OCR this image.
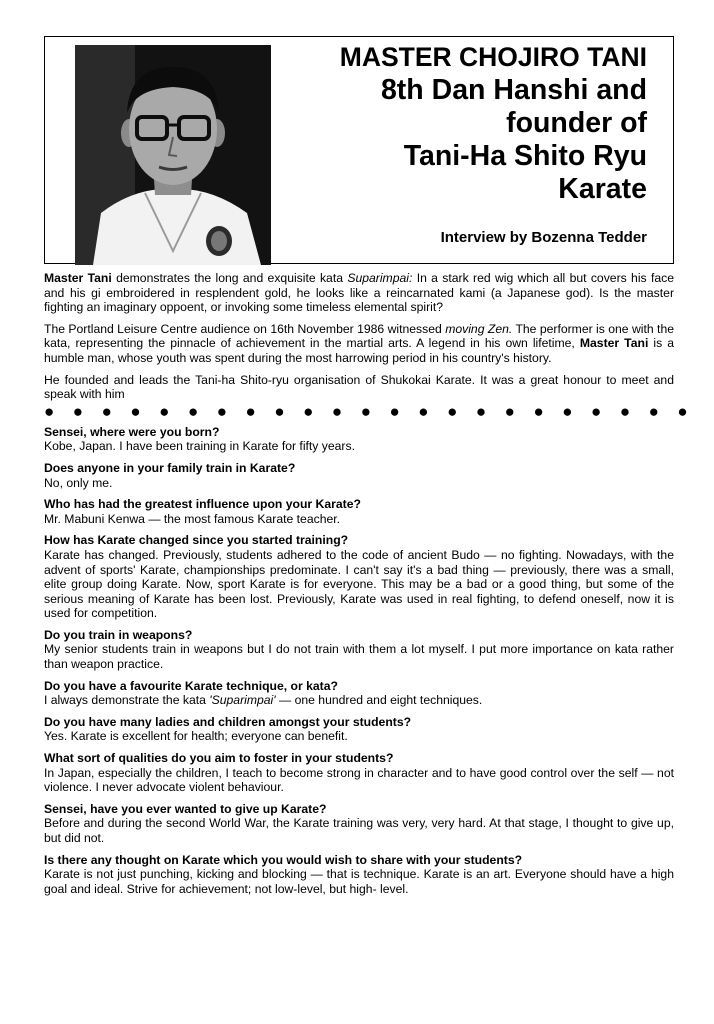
MASTER CHOJIRO TANI
8th Dan Hanshi and
founder of
Tani-Ha Shito Ryu
Karate
Interview by Bozenna Tedder

Master Tani demonstrates the long and exquisite kata Suparimpai: In a stark red wig which all but covers his face and his gi embroidered in resplendent gold, he looks like a reincarnated kami (a Japanese god). Is the master fighting an imaginary oppoent, or invoking some timeless elemental spirit?

The Portland Leisure Centre audience on 16th November 1986 witnessed moving Zen. The performer is one with the kata, representing the pinnacle of achievement in the martial arts. A legend in his own lifetime, Master Tani is a humble man, whose youth was spent during the most harrowing period in his country's history.

He founded and leads the Tani-ha Shito-ryu organisation of Shukokai Karate. It was a great honour to meet and speak with him

● ● ● ● ● ● ● ● ● ● ● ● ● ● ● ● ● ● ● ● ● ● ●
Sensei, where were you born?
Kobe, Japan. I have been training in Karate for fifty years.
Does anyone in your family train in Karate?
No, only me.
Who has had the greatest influence upon your Karate?
Mr. Mabuni Kenwa — the most famous Karate teacher.
How has Karate changed since you started training?
Karate has changed. Previously, students adhered to the code of ancient Budo — no fighting. Nowadays, with the advent of sports' Karate, championships predominate. I can't say it's a bad thing — previously, there was a small, elite group doing Karate. Now, sport Karate is for everyone. This may be a bad or a good thing, but some of the serious meaning of Karate has been lost. Previously, Karate was used in real fighting, to defend oneself, now it is used for competition.
Do you train in weapons?
My senior students train in weapons but I do not train with them a lot myself. I put more importance on kata rather than weapon practice.
Do you have a favourite Karate technique, or kata?
I always demonstrate the kata 'Suparimpai' — one hundred and eight techniques.
Do you have many ladies and children amongst your students?
Yes. Karate is excellent for health; everyone can benefit.
What sort of qualities do you aim to foster in your students?
In Japan, especially the children, I teach to become strong in character and to have good control over the self — not violence. I never advocate violent behaviour.
Sensei, have you ever wanted to give up Karate?
Before and during the second World War, the Karate training was very, very hard. At that stage, I thought to give up, but did not.
Is there any thought on Karate which you would wish to share with your students?
Karate is not just punching, kicking and blocking — that is technique. Karate is an art. Everyone should have a high goal and ideal. Strive for achievement; not low-level, but high- level.
